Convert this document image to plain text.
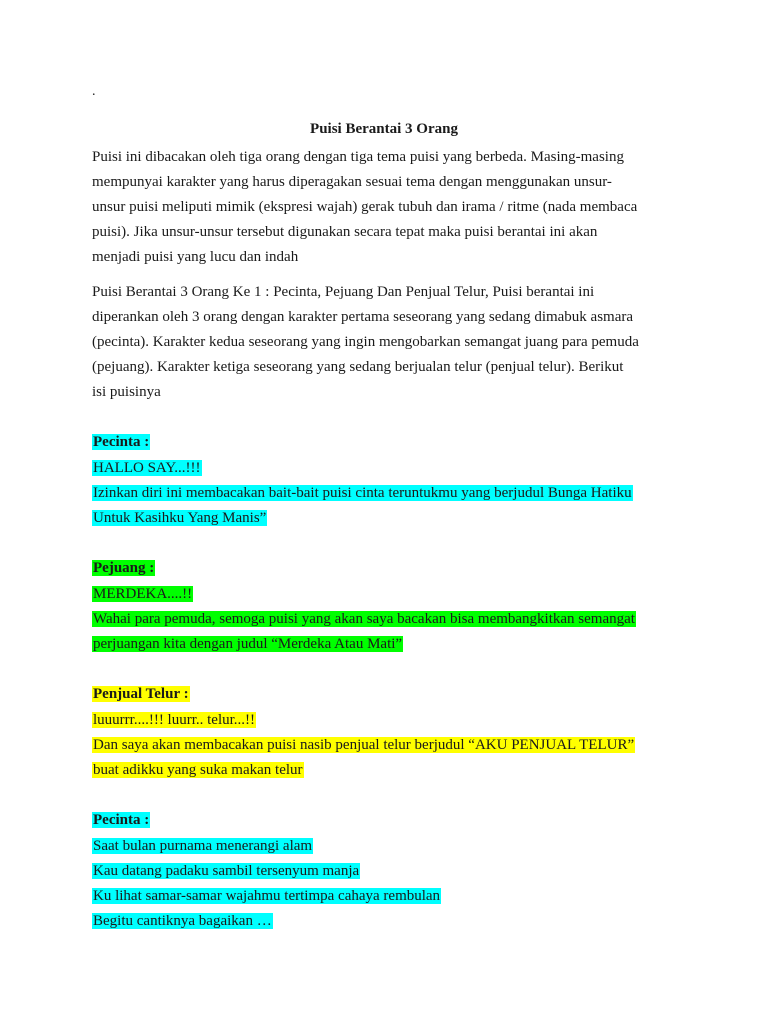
.
Puisi Berantai 3 Orang
Puisi ini dibacakan oleh tiga orang dengan tiga tema puisi yang berbeda. Masing-masing
mempunyai karakter yang harus diperagakan sesuai tema dengan menggunakan unsur-
unsur puisi meliputi mimik (ekspresi wajah) gerak tubuh dan irama / ritme (nada membaca
puisi). Jika unsur-unsur tersebut digunakan secara tepat maka puisi berantai ini akan
menjadi puisi yang lucu dan indah
Puisi Berantai 3 Orang Ke 1 : Pecinta, Pejuang Dan Penjual Telur, Puisi berantai ini
diperankan oleh 3 orang dengan karakter pertama seseorang yang sedang dimabuk asmara
(pecinta). Karakter kedua seseorang yang ingin mengobarkan semangat juang para pemuda
(pejuang). Karakter ketiga seseorang yang sedang berjualan telur (penjual telur). Berikut
isi puisinya
Pecinta :
HALLO SAY...!!!
Izinkan diri ini membacakan bait-bait puisi cinta teruntukmu yang berjudul Bunga Hatiku
Untuk Kasihku Yang Manis”
Pejuang :
MERDEKA....!!
Wahai para pemuda, semoga puisi yang akan saya bacakan bisa membangkitkan semangat
perjuangan kita dengan judul “Merdeka Atau Mati”
Penjual Telur :
luuurrr....!!! luurr.. telur...!!
Dan saya akan membacakan puisi nasib penjual telur berjudul “AKU PENJUAL TELUR”
buat adikku yang suka makan telur
Pecinta :
Saat bulan purnama menerangi alam
Kau datang padaku sambil tersenyum manja
Ku lihat samar-samar wajahmu tertimpa cahaya rembulan
Begitu cantiknya bagaikan …
